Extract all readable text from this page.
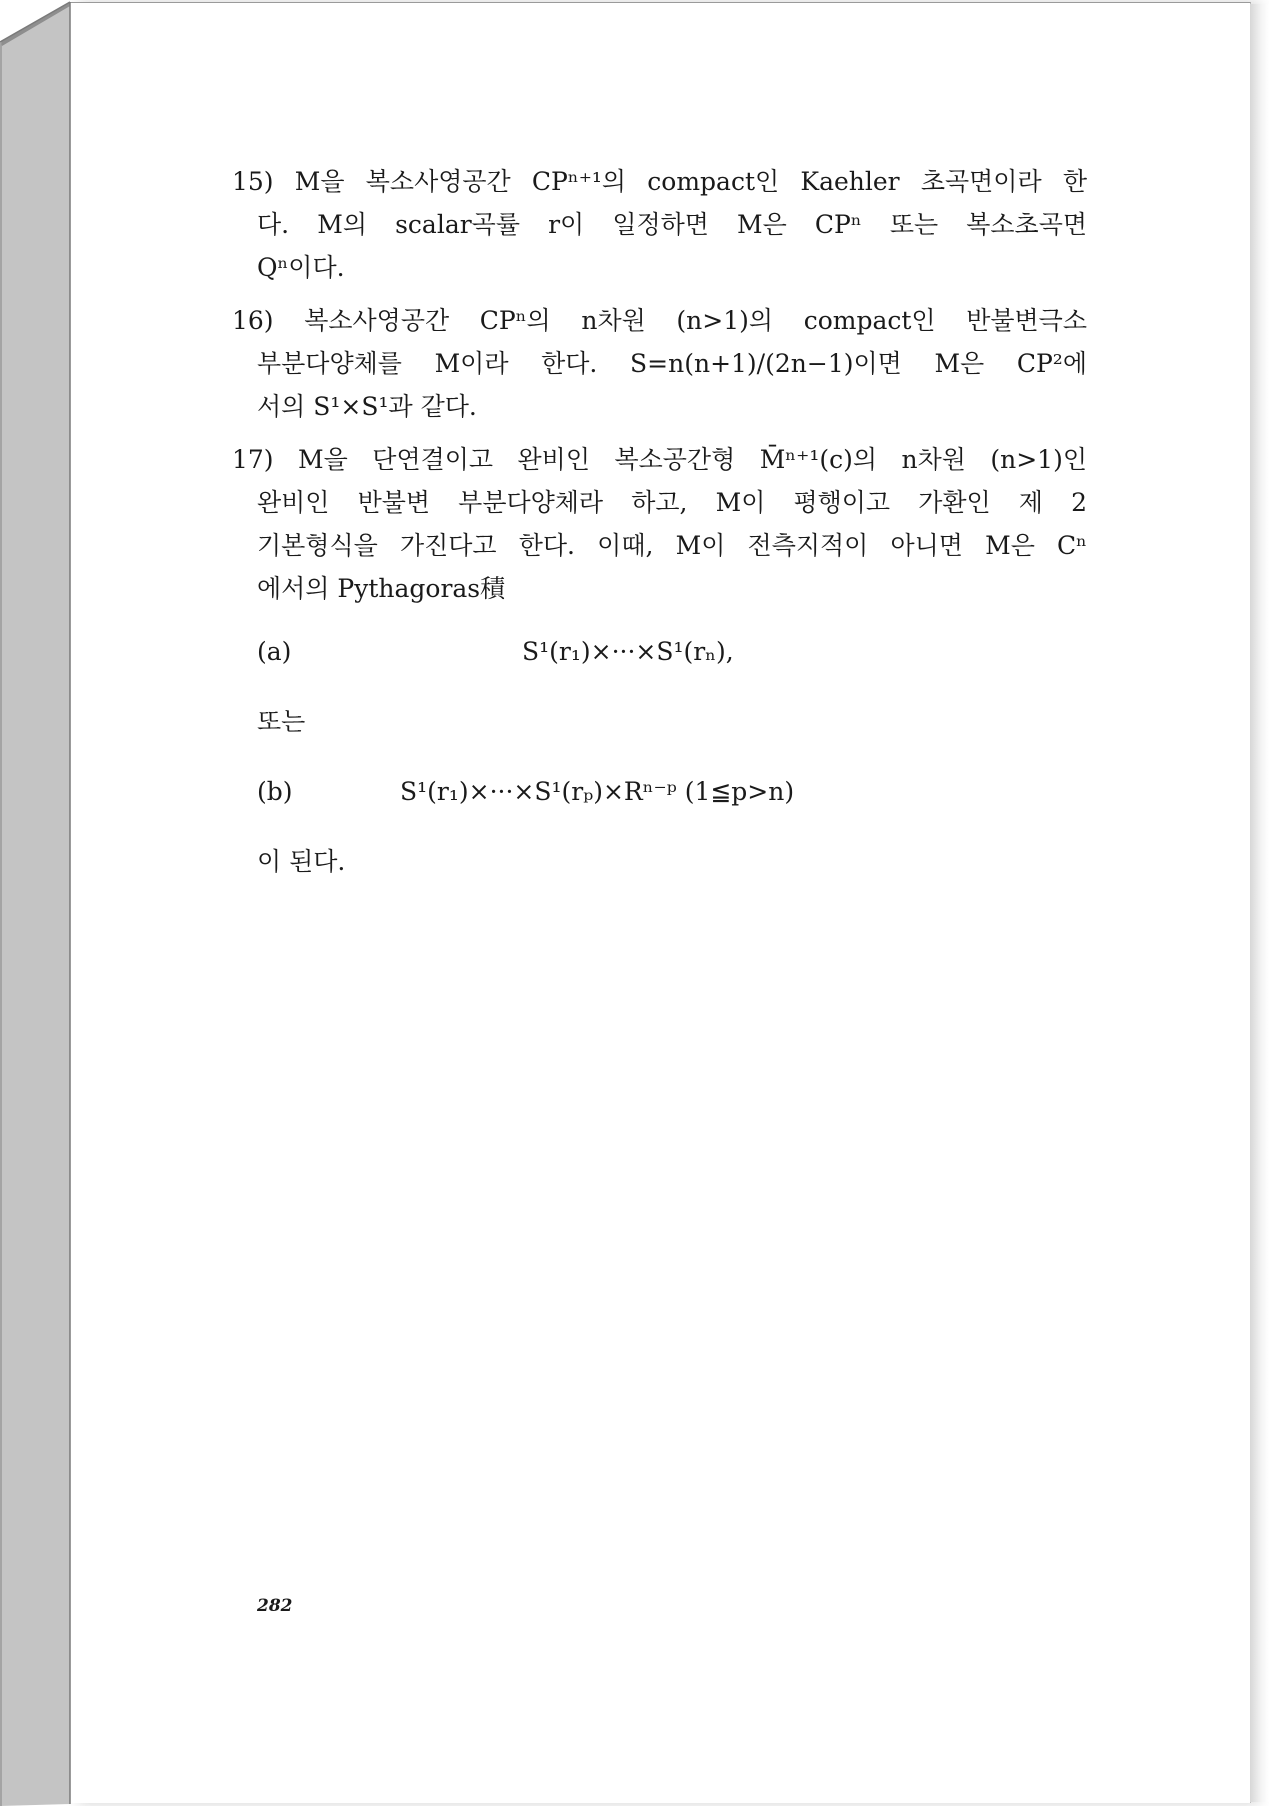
15) M을 복소사영공간 CPⁿ⁺¹의 compact인 Kaehler 초곡면이라 한
다. M의 scalar곡률 r이 일정하면 M은 CPⁿ 또는 복소초곡면
Qⁿ이다.
16) 복소사영공간 CPⁿ의 n차원 (n>1)의 compact인 반불변극소
부분다양체를 M이라 한다. S=n(n+1)/(2n−1)이면 M은 CP²에
서의 S¹×S¹과 같다.
17) M을 단연결이고 완비인 복소공간형 M̄ⁿ⁺¹(c)의 n차원 (n>1)인
완비인 반불변 부분다양체라 하고, M이 평행이고 가환인 제 2
기본형식을 가진다고 한다. 이때, M이 전측지적이 아니면 M은 Cⁿ
에서의 Pythagoras積
(a)	S¹(r₁)×···×S¹(rₙ),
또는
(b)	S¹(r₁)×···×S¹(rₚ)×Rⁿ⁻ᵖ (1≦p>n)
이 된다.
282
